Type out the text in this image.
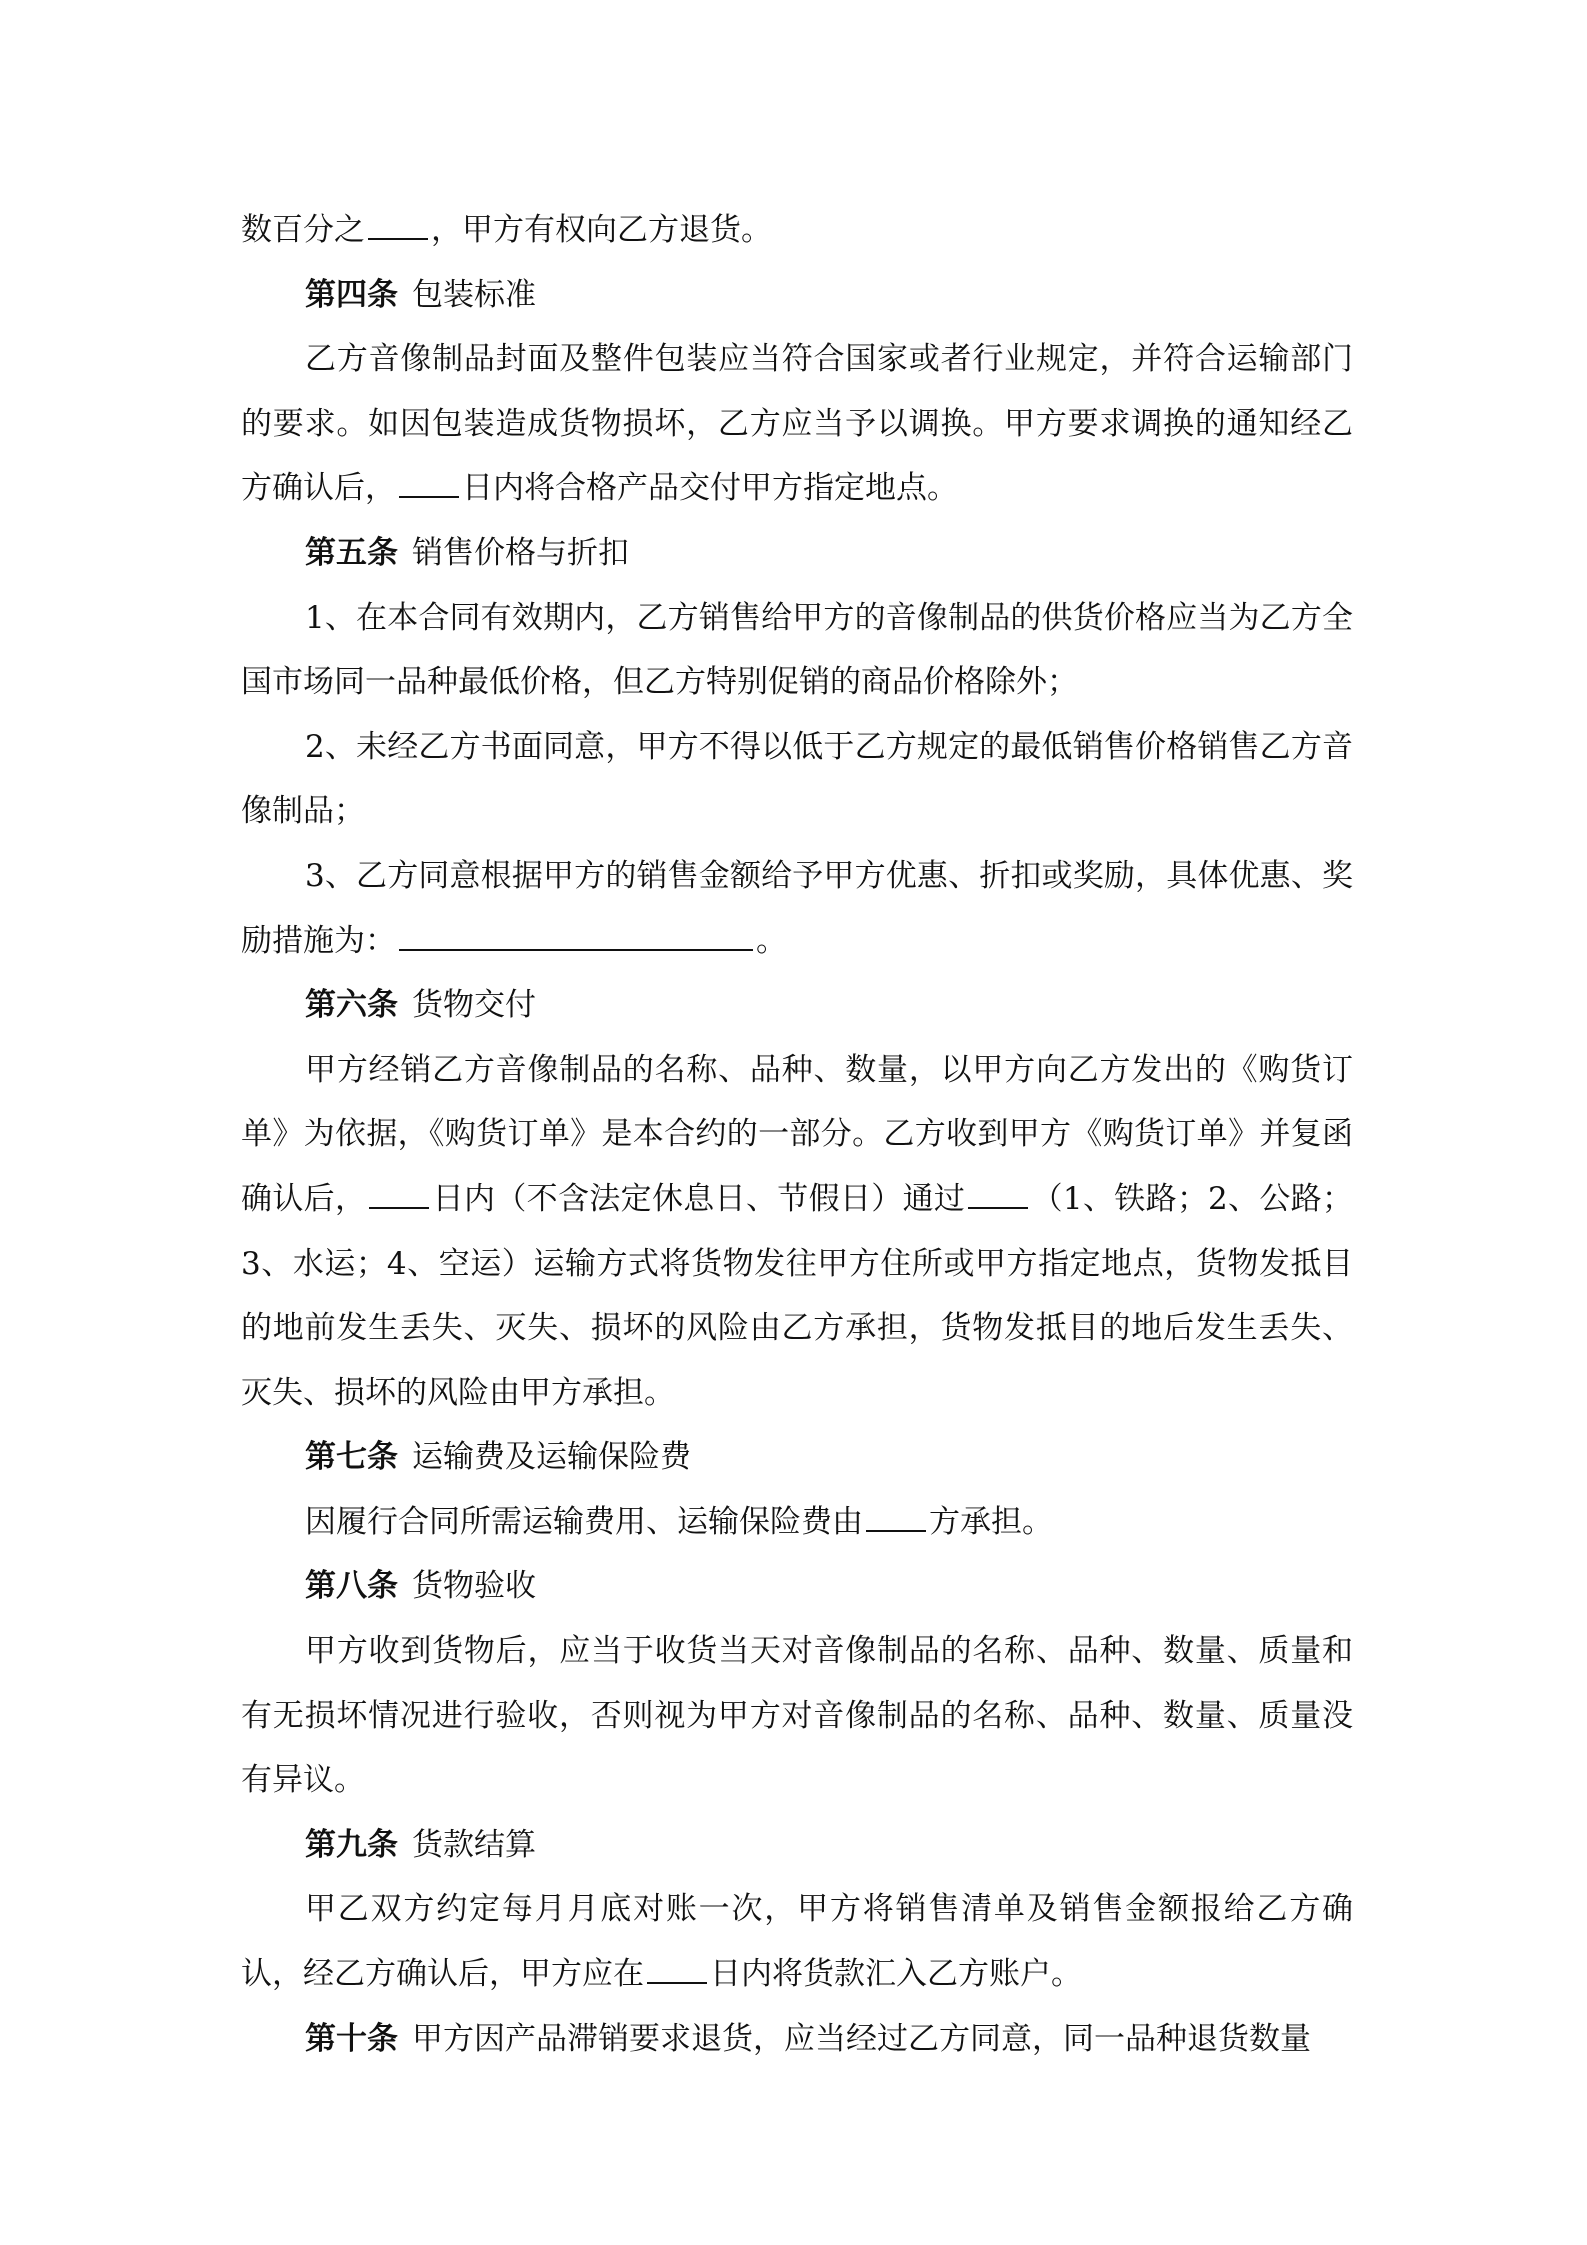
数百分之 ，甲方有权向乙方退货。

第四条 包装标准

乙方音像制品封面及整件包装应当符合国家或者行业规定，并符合运输部门的要求。如因包装造成货物损坏，乙方应当予以调换。甲方要求调换的通知经乙方确认后， 日内将合格产品交付甲方指定地点。

第五条 销售价格与折扣

1、在本合同有效期内，乙方销售给甲方的音像制品的供货价格应当为乙方全国市场同一品种最低价格，但乙方特别促销的商品价格除外；

2、未经乙方书面同意，甲方不得以低于乙方规定的最低销售价格销售乙方音像制品；

3、乙方同意根据甲方的销售金额给予甲方优惠、折扣或奖励，具体优惠、奖励措施为：	。

第六条 货物交付

甲方经销乙方音像制品的名称、品种、数量，以甲方向乙方发出的《购货订单》为依据，《购货订单》是本合约的一部分。乙方收到甲方《购货订单》并复函确认后， 日内（不含法定休息日、节假日）通过 （1、铁路；2、公路；3、水运；4、空运）运输方式将货物发往甲方住所或甲方指定地点，货物发抵目的地前发生丢失、灭失、损坏的风险由乙方承担，货物发抵目的地后发生丢失、灭失、损坏的风险由甲方承担。

第七条 运输费及运输保险费

因履行合同所需运输费用、运输保险费由 方承担。

第八条 货物验收

甲方收到货物后，应当于收货当天对音像制品的名称、品种、数量、质量和有无损坏情况进行验收，否则视为甲方对音像制品的名称、品种、数量、质量没有异议。

第九条 货款结算

甲乙双方约定每月月底对账一次，甲方将销售清单及销售金额报给乙方确认，经乙方确认后，甲方应在 日内将货款汇入乙方账户。

第十条 甲方因产品滞销要求退货，应当经过乙方同意，同一品种退货数量
